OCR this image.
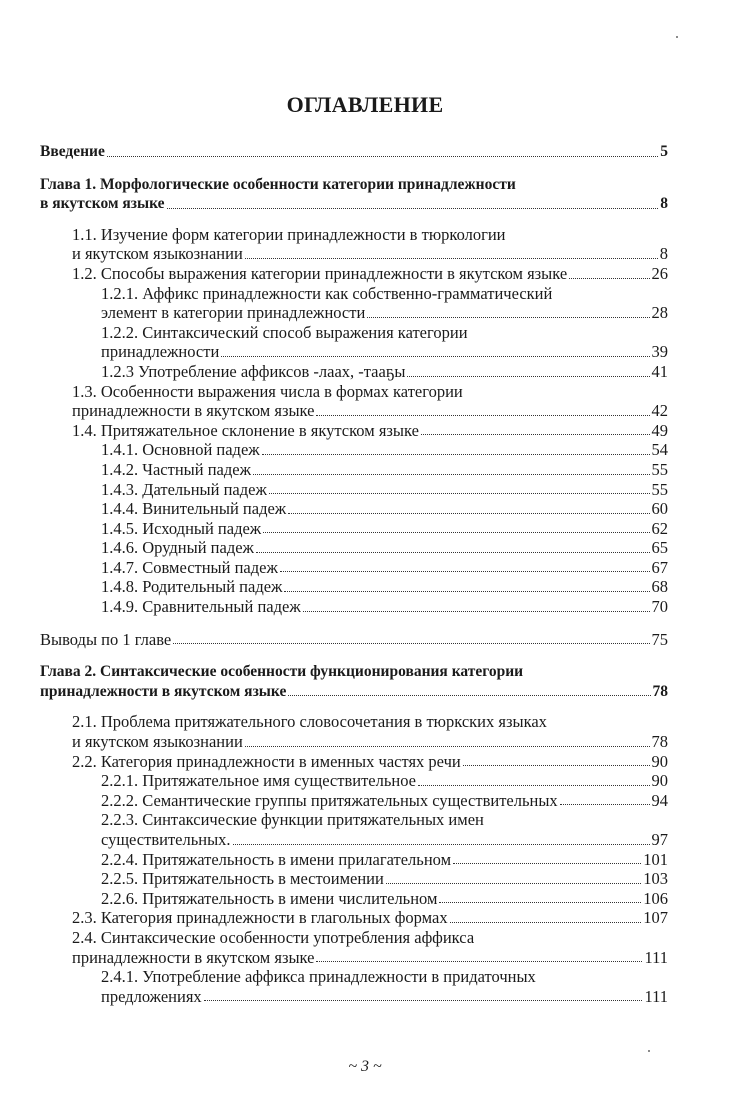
ОГЛАВЛЕНИЕ
Введение	5
Глава 1. Морфологические особенности категории принадлежности
в якутском языке	8
1.1. Изучение форм категории принадлежности в тюркологии
и якутском языкознании	8
1.2. Способы выражения категории принадлежности в якутском языке	26
1.2.1. Аффикс принадлежности как собственно-грамматический
элемент в категории принадлежности	28
1.2.2. Синтаксический способ выражения категории
принадлежности	39
1.2.3 Употребление аффиксов -лаах, -тааҕы	41
1.3. Особенности выражения числа в формах категории
принадлежности в якутском языке	42
1.4. Притяжательное склонение в якутском языке	49
1.4.1. Основной падеж	54
1.4.2. Частный падеж	55
1.4.3. Дательный падеж	55
1.4.4. Винительный падеж	60
1.4.5. Исходный падеж	62
1.4.6. Орудный падеж	65
1.4.7. Совместный падеж	67
1.4.8. Родительный падеж	68
1.4.9. Сравнительный падеж	70
Выводы по 1 главе	75
Глава 2. Синтаксические особенности функционирования категории
принадлежности в якутском языке	78
2.1. Проблема притяжательного словосочетания в тюркских языках
и якутском языкознании	78
2.2. Категория принадлежности в именных частях речи	90
2.2.1. Притяжательное имя существительное	90
2.2.2. Семантические группы притяжательных существительных	94
2.2.3. Синтаксические функции притяжательных имен
существительных.	97
2.2.4. Притяжательность в имени прилагательном	101
2.2.5. Притяжательность в местоимении	103
2.2.6. Притяжательность в имени числительном	106
2.3. Категория принадлежности в глагольных формах	107
2.4. Синтаксические особенности употребления аффикса
принадлежности в якутском языке	111
2.4.1. Употребление аффикса принадлежности в придаточных
предложениях	111
~ 3 ~
